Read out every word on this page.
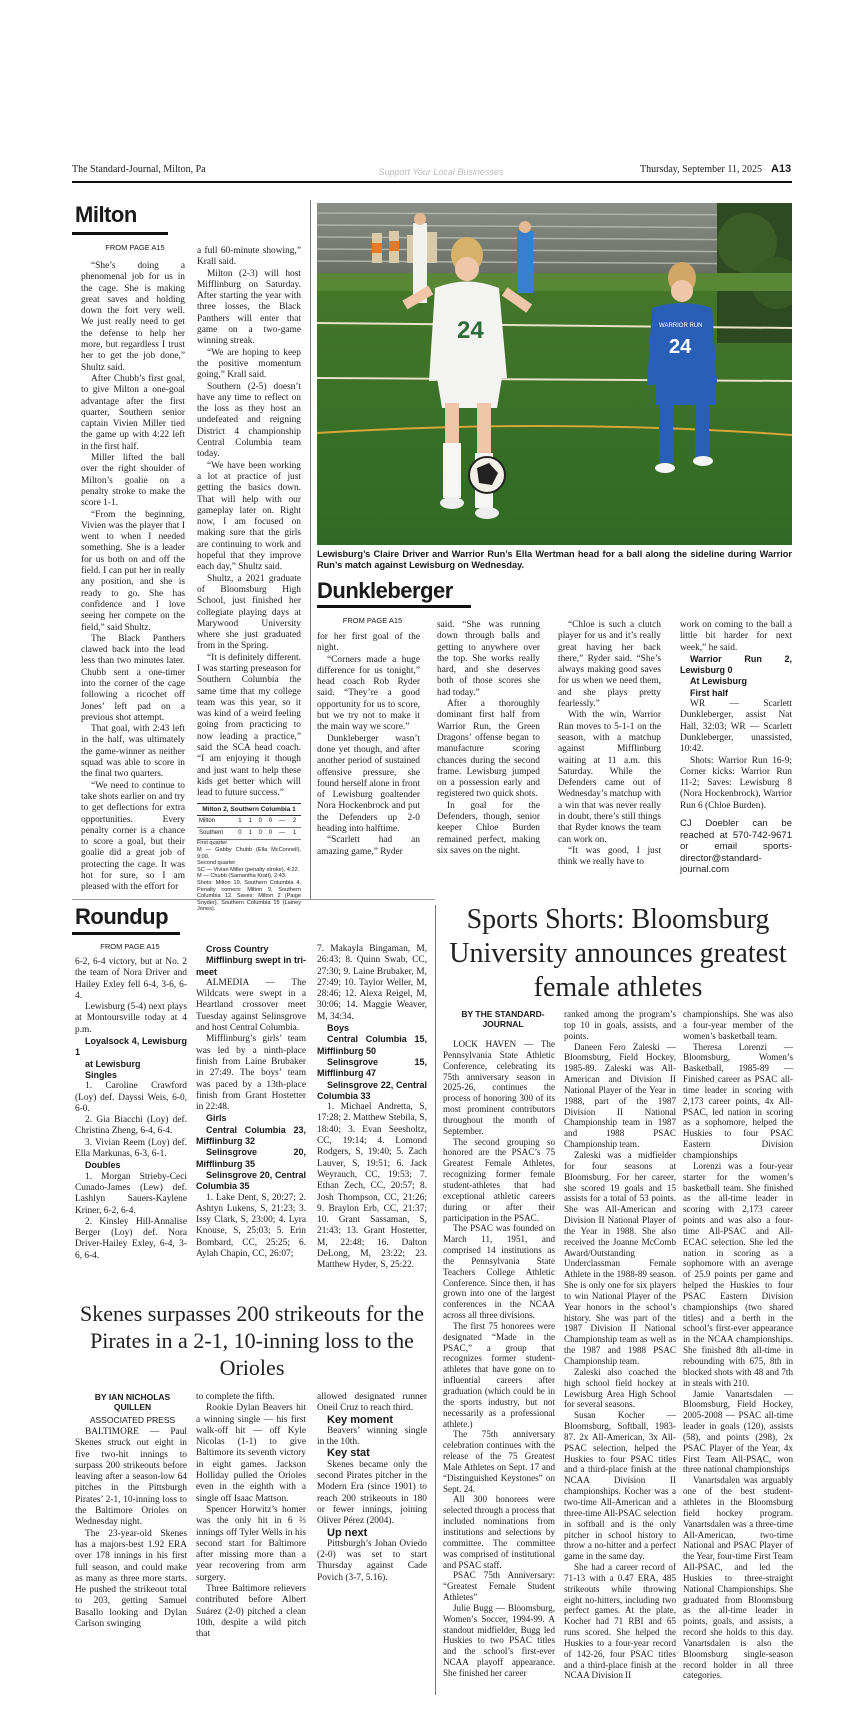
The Standard-Journal, Milton, Pa	Support Your Local Businesses	Thursday, September 11, 2025 A13
Milton
FROM PAGE A15

“She’s doing a phenomenal job for us in the cage. She is making great saves and holding down the fort very well. We just really need to get the defense to help her more, but regardless I trust her to get the job done,” Shultz said.

After Chubb’s first goal, to give Milton a one-goal advantage after the first quarter, Southern senior captain Vivien Miller tied the game up with 4:22 left in the first half.

Miller lifted the ball over the right shoulder of Milton’s goalie on a penalty stroke to make the score 1-1.

“From the beginning, Vivien was the player that I went to when I needed something. She is a leader for us both on and off the field. I can put her in really any position, and she is ready to go. She has confidence and I love seeing her compete on the field,” said Shultz.

The Black Panthers clawed back into the lead less than two minutes later. Chubb sent a one-timer into the corner of the cage following a ricochet off Jones’ left pad on a previous shot attempt.

That goal, with 2:43 left in the half, was ultimately the game-winner as neither squad was able to score in the final two quarters.

“We need to continue to take shots earlier on and try to get deflections for extra opportunities. Every penalty corner is a chance to score a goal, but their goalie did a great job of protecting the cage. It was hot for sure, so I am pleased with the effort for

a full 60-minute showing,” Krall said.

Milton (2-3) will host Mifflinburg on Saturday. After starting the year with three losses, the Black Panthers will enter that game on a two-game winning streak.

“We are hoping to keep the positive momentum going,” Krall said.

Southern (2-5) doesn’t have any time to reflect on the loss as they host an undefeated and reigning District 4 championship Central Columbia team today.

“We have been working a lot at practice of just getting the basics down. That will help with our gameplay later on. Right now, I am focused on making sure that the girls are continuing to work and hopeful that they improve each day,” Shultz said.

Shultz, a 2021 graduate of Bloomsburg High School, just finished her collegiate playing days at Marywood University where she just graduated from in the Spring.

“It is definitely different. I was starting preseason for Southern Columbia the same time that my college team was this year, so it was kind of a weird feeling going from practicing to now leading a practice,” said the SCA head coach. “I am enjoying it though and just want to help these kids get better which will lead to future success.”

Milton 2, Southern Columbia 1
Milton	1	1	0	0	—	2
Southern	0	1	0	0	—	1
First quarter
M — Gabby Chubb (Ella McConnell), 9:00.
Second quarter
SC — Vivian Miller (penalty stroke), 4:22.
M — Chubb (Samantha Kratt), 2:43.
Shots: Milton 19, Southern Columbia 4. Penalty corners: Milton 9, Southern Columbia 12. Saves: Milton 2 (Paige Snyder), Southern Columbia 15 (Lainey Jones).
24	WARRIOR RUN
24
Lewisburg’s Claire Driver and Warrior Run’s Ella Wertman head for a ball along the sideline during Warrior Run’s match against Lewisburg on Wednesday.
Dunkleberger
FROM PAGE A15

for her first goal of the night.

“Corners made a huge difference for us tonight,” head coach Rob Ryder said. “They’re a good opportunity for us to score, but we try not to make it the main way we score.”

Dunkleberger wasn’t done yet though, and after another period of sustained offensive pressure, she found herself alone in front of Lewisburg goaltender Nora Hockenbrock and put the Defenders up 2-0 heading into halftime.

“Scarlett had an amazing game,” Ryder

said. “She was running down through balls and getting to anywhere over the top. She works really hard, and she deserves both of those scores she had today.”

After a thoroughly dominant first half from Warrior Run, the Green Dragons’ offense began to manufacture scoring chances during the second frame. Lewisburg jumped on a possession early and registered two quick shots.

In goal for the Defenders, though, senior keeper Chloe Burden remained perfect, making six saves on the night.

“Chloe is such a clutch player for us and it’s really great having her back there,” Ryder said. “She’s always making good saves for us when we need them, and she plays pretty fearlessly.”

With the win, Warrior Run moves to 5-1-1 on the season, with a matchup against Mifflinburg waiting at 11 a.m. this Saturday. While the Defenders came out of Wednesday’s matchup with a win that was never really in doubt, there’s still things that Ryder knows the team can work on.

“It was good, I just think we really have to

work on coming to the ball a little bit harder for next week,” he said.

Warrior Run 2, Lewisburg 0

At Lewisburg

First half

WR — Scarlett Dunkleberger, assist Nat Hall, 32:03; WR — Scarlett Dunkleberger, unassisted, 10:42.

Shots: Warrior Run 16-9; Corner kicks: Warrior Run 11-2; Saves: Lewisburg 8 (Nora Hockenbrock), Warrior Run 6 (Chloe Burden).

CJ Doebler can be reached at 570-742-9671 or email sports-director@standard-journal.com

Roundup
FROM PAGE A15

6-2, 6-4 victory, but at No. 2 the team of Nora Driver and Hailey Exley fell 6-4, 3-6, 6-4.

Lewisburg (5-4) next plays at Montoursville today at 4 p.m.

Loyalsock 4, Lewisburg 1

at Lewisburg

Singles

1. Caroline Crawford (Loy) def. Dayssi Weis, 6-0, 6-0.

2. Gia Biacchi (Loy) def. Christina Zheng, 6-4, 6-4.

3. Vivian Reem (Loy) def. Ella Markunas, 6-3, 6-1.

Doubles

1. Morgan Strieby-Ceci Cunado-James (Lew) def. Lashlyn Sauers-Kaylene Kriner, 6-2, 6-4.

2. Kinsley Hill-Annalise Berger (Loy) def. Nora Driver-Hailey Exley, 6-4, 3-6, 6-4.

Cross Country

Mifflinburg swept in tri-meet

ALMEDIA — The Wildcats were swept in a Heartland crossover meet Tuesday against Selinsgrove and host Central Columbia.

Mifflinburg’s girls’ team was led by a ninth-place finish from Laine Brubaker in 27:49. The boys’ team was paced by a 13th-place finish from Grant Hostetter in 22:48.

Girls

Central Columbia 23, Mifflinburg 32

Selinsgrove 20, Mifflinburg 35

Selinsgrove 20, Central Columbia 35

1. Lake Dent, S, 20:27; 2. Ashtyn Lukens, S, 21:23; 3. Issy Clark, S, 23:00; 4. Lyra Knouse, S, 25:03; 5. Erin Bombard, CC, 25:25; 6. Aylah Chapin, CC, 26:07;

7. Makayla Bingaman, M, 26:43; 8. Quinn Swab, CC, 27:30; 9. Laine Brubaker, M, 27:49; 10. Taylor Weller, M, 28:46; 12. Alexa Reigel, M, 30:06; 14. Maggie Weaver, M, 34:34.

Boys

Central Columbia 15, Mifflinburg 50

Selinsgrove 15, Mifflinburg 47

Selinsgrove 22, Central Columbia 33

1. Michael Andretta, S, 17:28; 2. Matthew Stebila, S, 18:40; 3. Evan Seesholtz, CC, 19:14; 4. Lomond Rodgers, S, 19:40; 5. Zach Lauver, S, 19:51; 6. Jack Weyrauch, CC, 19:53; 7. Ethan Zech, CC, 20:57; 8. Josh Thompson, CC, 21:26; 9. Braylon Erb, CC, 21:37; 10. Grant Sassaman, S, 21:43; 13. Grant Hostetter, M, 22:48; 16. Dalton DeLong, M, 23:22; 23. Matthew Hyder, S, 25:22.

Skenes surpasses 200 strikeouts for the Pirates in a 2-1, 10-inning loss to the Orioles
BY IAN NICHOLAS QUILLEN
ASSOCIATED PRESS

BALTIMORE — Paul Skenes struck out eight in five two-hit innings to surpass 200 strikeouts before leaving after a season-low 64 pitches in the Pittsburgh Pirates’ 2-1, 10-inning loss to the Baltimore Orioles on Wednesday night.

The 23-year-old Skenes has a majors-best 1.92 ERA over 178 innings in his first full season, and could make as many as three more starts. He pushed the strikeout total to 203, getting Samuel Basallo looking and Dylan Carlson swinging

to complete the fifth.

Rookie Dylan Beavers hit a winning single — his first walk-off hit — off Kyle Nicolas (1-1) to give Baltimore its seventh victory in eight games. Jackson Holliday pulled the Orioles even in the eighth with a single off Isaac Mattson.

Spencer Horwitz’s homer was the only hit in 6 ⅔ innings off Tyler Wells in his second start for Baltimore after missing more than a year recovering from arm surgery.

Three Baltimore relievers contributed before Albert Suárez (2-0) pitched a clean 10th, despite a wild pitch that

allowed designated runner Oneil Cruz to reach third.

Key moment

Beavers’ winning single in the 10th.

Key stat

Skenes became only the second Pirates pitcher in the Modern Era (since 1901) to reach 200 strikeouts in 180 or fewer innings, joining Oliver Pérez (2004).

Up next

Pittsburgh’s Johan Oviedo (2-0) was set to start Thursday against Cade Povich (3-7, 5.16).

Sports Shorts: Bloomsburg University announces greatest female athletes
BY THE STANDARD-JOURNAL

LOCK HAVEN — The Pennsylvania State Athletic Conference, celebrating its 75th anniversary season in 2025-26, continues the process of honoring 300 of its most prominent contributors throughout the month of September.

The second grouping so honored are the PSAC’s 75 Greatest Female Athletes, recognizing former female student-athletes that had exceptional athletic careers during or after their participation in the PSAC.

The PSAC was founded on March 11, 1951, and comprised 14 institutions as the Pennsylvania State Teachers College Athletic Conference. Since then, it has grown into one of the largest conferences in the NCAA across all three divisions.

The first 75 honorees were designated “Made in the PSAC,” a group that recognizes former student-athletes that have gone on to influential careers after graduation (which could be in the sports industry, but not necessarily as a professional athlete.)

The 75th anniversary celebration continues with the release of the 75 Greatest Male Athletes on Sept. 17 and “Distinguished Keystones” on Sept. 24.

All 300 honorees were selected through a process that included nominations from institutions and selections by committee. The committee was comprised of institutional and PSAC staff.

PSAC 75th Anniversary: “Greatest Female Student Athletes”

Julie Bugg — Bloomsburg, Women’s Soccer, 1994-99. A standout midfielder, Bugg led Huskies to two PSAC titles and the school’s first-ever NCAA playoff appearance. She finished her career

ranked among the program’s top 10 in goals, assists, and points.

Daneen Fero Zaleski — Bloomsburg, Field Hockey, 1985-89. Zaleski was All-American and Division II National Player of the Year in 1988, part of the 1987 Division II National Championship team in 1987 and 1988 PSAC Championship team.

Zaleski was a midfielder for four seasons at Bloomsburg. For her career, she scored 19 goals and 15 assists for a total of 53 points. She was All-American and Division II National Player of the Year in 1988. She also received the Joanne McComb Award/Outstanding Underclassman Female Athlete in the 1988-89 season. She is only one for six players to win National Player of the Year honors in the school’s history. She was part of the 1987 Division II National Championship team as well as the 1987 and 1988 PSAC Championship team.

Zaleski also coached the high school field hockey at Lewisburg Area High School for several seasons.

Susan Kocher — Bloomsburg, Softball, 1983-87. 2x All-American, 3x All-PSAC selection, helped the Huskies to four PSAC titles and a third-place finish at the NCAA Division II championships. Kocher was a two-time All-American and a three-time All-PSAC selection in softball and is the only pitcher in school history to throw a no-hitter and a perfect game in the same day.

She had a career record of 71-13 with a 0.47 ERA, 485 strikeouts while throwing eight no-hitters, including two perfect games. At the plate, Kocher had 71 RBI and 65 runs scored. She helped the Huskies to a four-year record of 142-26, four PSAC titles and a third-place finish at the NCAA Division II

championships. She was also a four-year member of the women’s basketball team.

Theresa Lorenzi — Bloomsburg, Women’s Basketball, 1985-89 — Finished career as PSAC all-time leader in scoring with 2,173 career points, 4x All-PSAC, led nation in scoring as a sophomore, helped the Huskies to four PSAC Eastern Division championships

Lorenzi was a four-year starter for the women’s basketball team. She finished as the all-time leader in scoring with 2,173 career points and was also a four-time All-PSAC and All-ECAC selection. She led the nation in scoring as a sophomore with an average of 25.9 points per game and helped the Huskies to four PSAC Eastern Division championships (two shared titles) and a berth in the school’s first-ever appearance in the NCAA championships. She finished 8th all-time in rebounding with 675, 8th in blocked shots with 48 and 7th in steals with 210.

Jamie Vanartsdalen — Bloomsburg, Field Hockey, 2005-2008 — PSAC all-time leader in goals (120), assists (58), and points (298), 2x PSAC Player of the Year, 4x First Team All-PSAC, won three national championships

Vanartsdalen was arguably one of the best student-athletes in the Bloomsburg field hockey program. Vanartsdalen was a three-time All-American, two-time National and PSAC Player of the Year, four-time First Team All-PSAC, and led the Huskies to three-straight National Championships. She graduated from Bloomsburg as the all-time leader in points, goals, and assists, a record she holds to this day. Vanartsdalen is also the Bloomsburg single-season record holder in all three categories.
